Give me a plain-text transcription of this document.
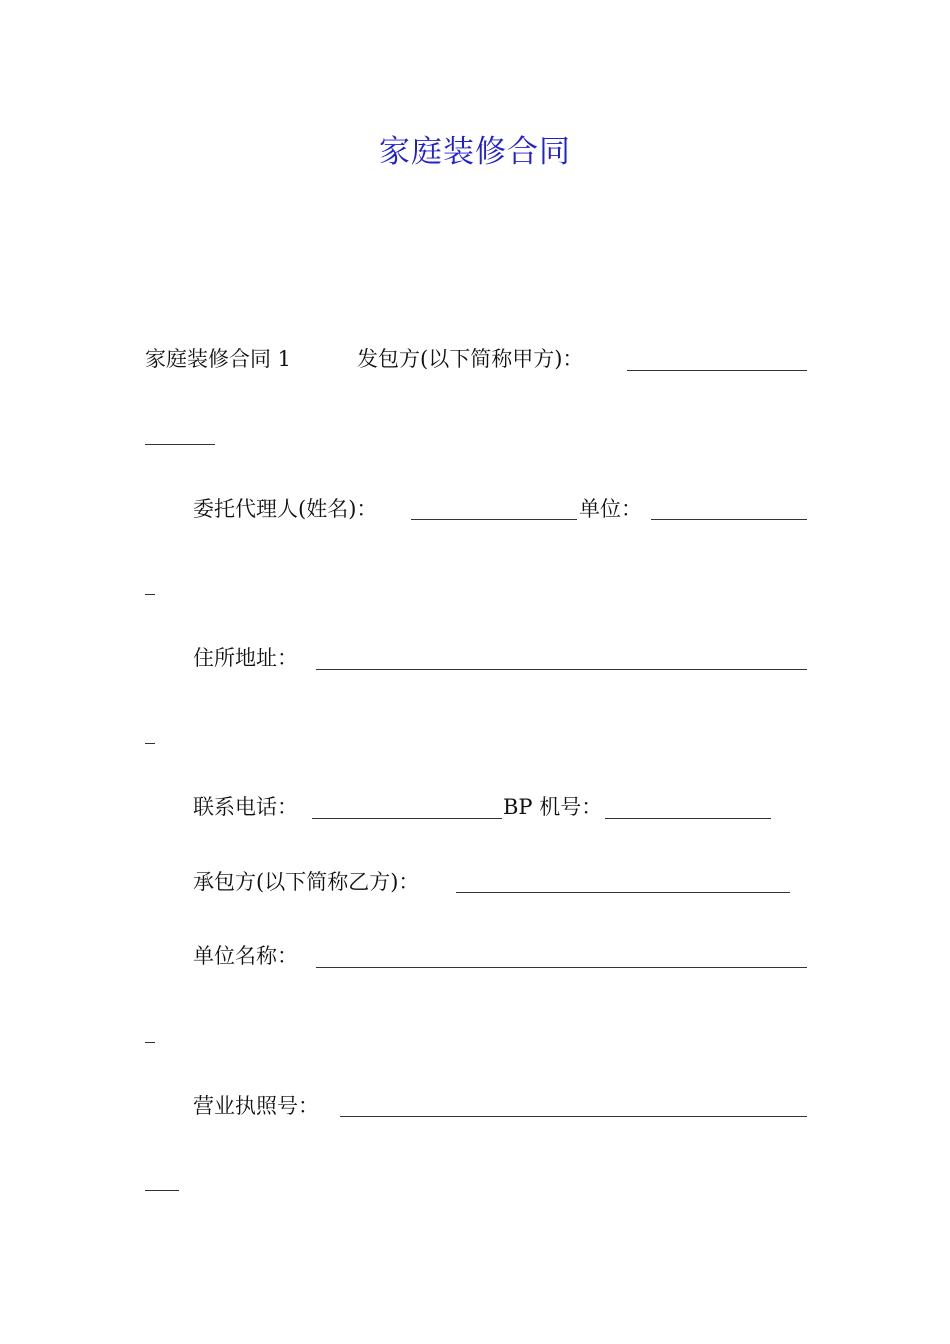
家庭装修合同
家庭装修合同 1	发包方(以下简称甲方)：
委托代理人(姓名)：	单位：
住所地址：
联系电话：	BP 机号：
承包方(以下简称乙方)：
单位名称：
营业执照号：
